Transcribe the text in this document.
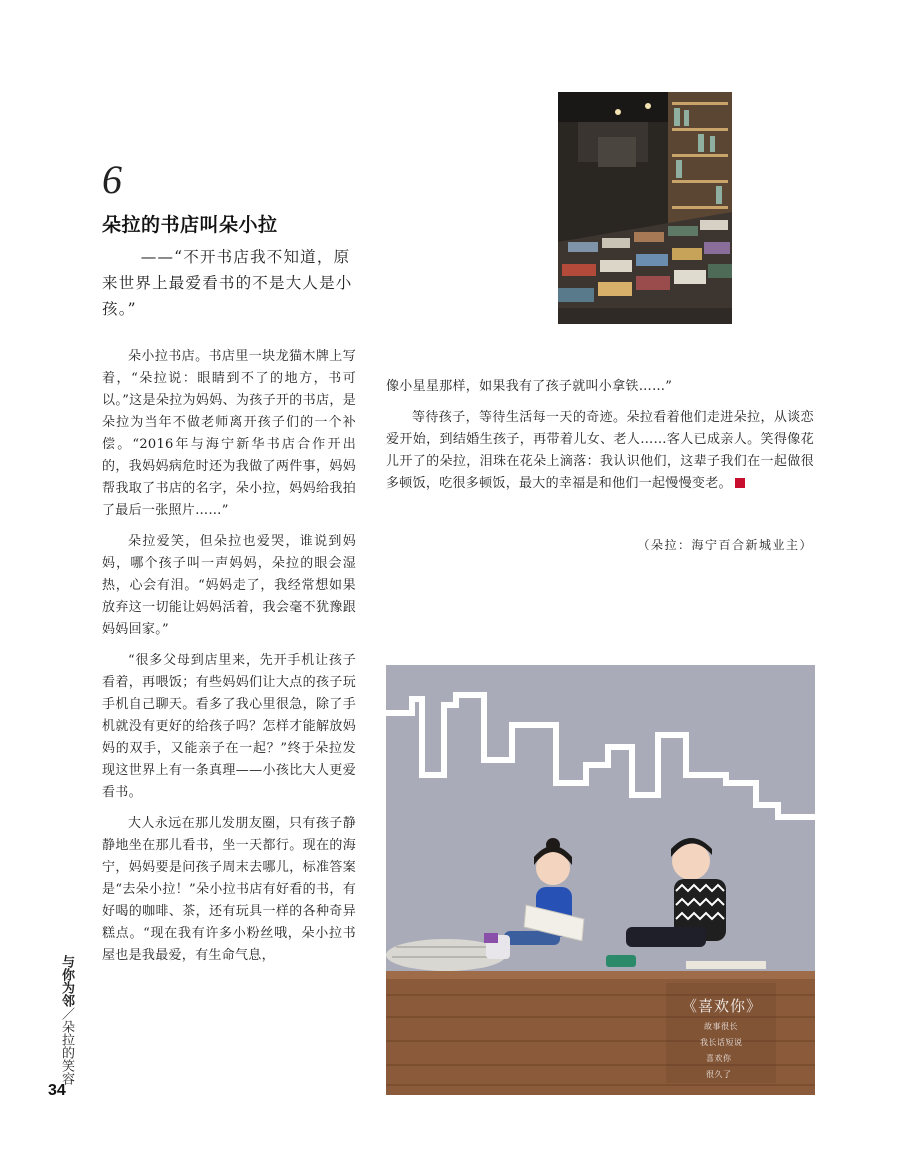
6
朵拉的书店叫朵小拉
——“不开书店我不知道，原来世界上最爱看书的不是大人是小孩。”

朵小拉书店。书店里一块龙猫木牌上写着，“朵拉说：眼睛到不了的地方，书可以。”这是朵拉为妈妈、为孩子开的书店，是朵拉为当年不做老师离开孩子们的一个补偿。“2016年与海宁新华书店合作开出的，我妈妈病危时还为我做了两件事，妈妈帮我取了书店的名字，朵小拉，妈妈给我拍了最后一张照片……”

朵拉爱笑，但朵拉也爱哭，谁说到妈妈，哪个孩子叫一声妈妈，朵拉的眼会湿热，心会有泪。“妈妈走了，我经常想如果放弃这一切能让妈妈活着，我会毫不犹豫跟妈妈回家。”

“很多父母到店里来，先开手机让孩子看着，再喂饭；有些妈妈们让大点的孩子玩手机自己聊天。看多了我心里很急，除了手机就没有更好的给孩子吗？怎样才能解放妈妈的双手，又能亲子在一起？”终于朵拉发现这世界上有一条真理——小孩比大人更爱看书。

大人永远在那儿发朋友圈，只有孩子静静地坐在那儿看书，坐一天都行。现在的海宁，妈妈要是问孩子周末去哪儿，标准答案是“去朵小拉！”朵小拉书店有好看的书，有好喝的咖啡、茶，还有玩具一样的各种奇异糕点。“现在我有许多小粉丝哦，朵小拉书屋也是我最爱，有生命气息，

像小星星那样，如果我有了孩子就叫小拿铁……”

等待孩子，等待生活每一天的奇迹。朵拉看着他们走进朵拉，从谈恋爱开始，到结婚生孩子，再带着儿女、老人……客人已成亲人。笑得像花儿开了的朵拉，泪珠在花朵上滴落：我认识他们，这辈子我们在一起做很多顿饭，吃很多顿饭，最大的幸福是和他们一起慢慢变老。

（朵拉：海宁百合新城业主）
《喜欢你》
故事很长
我长话短说
喜欢你
很久了
与你为邻／朵拉的笑容
34
